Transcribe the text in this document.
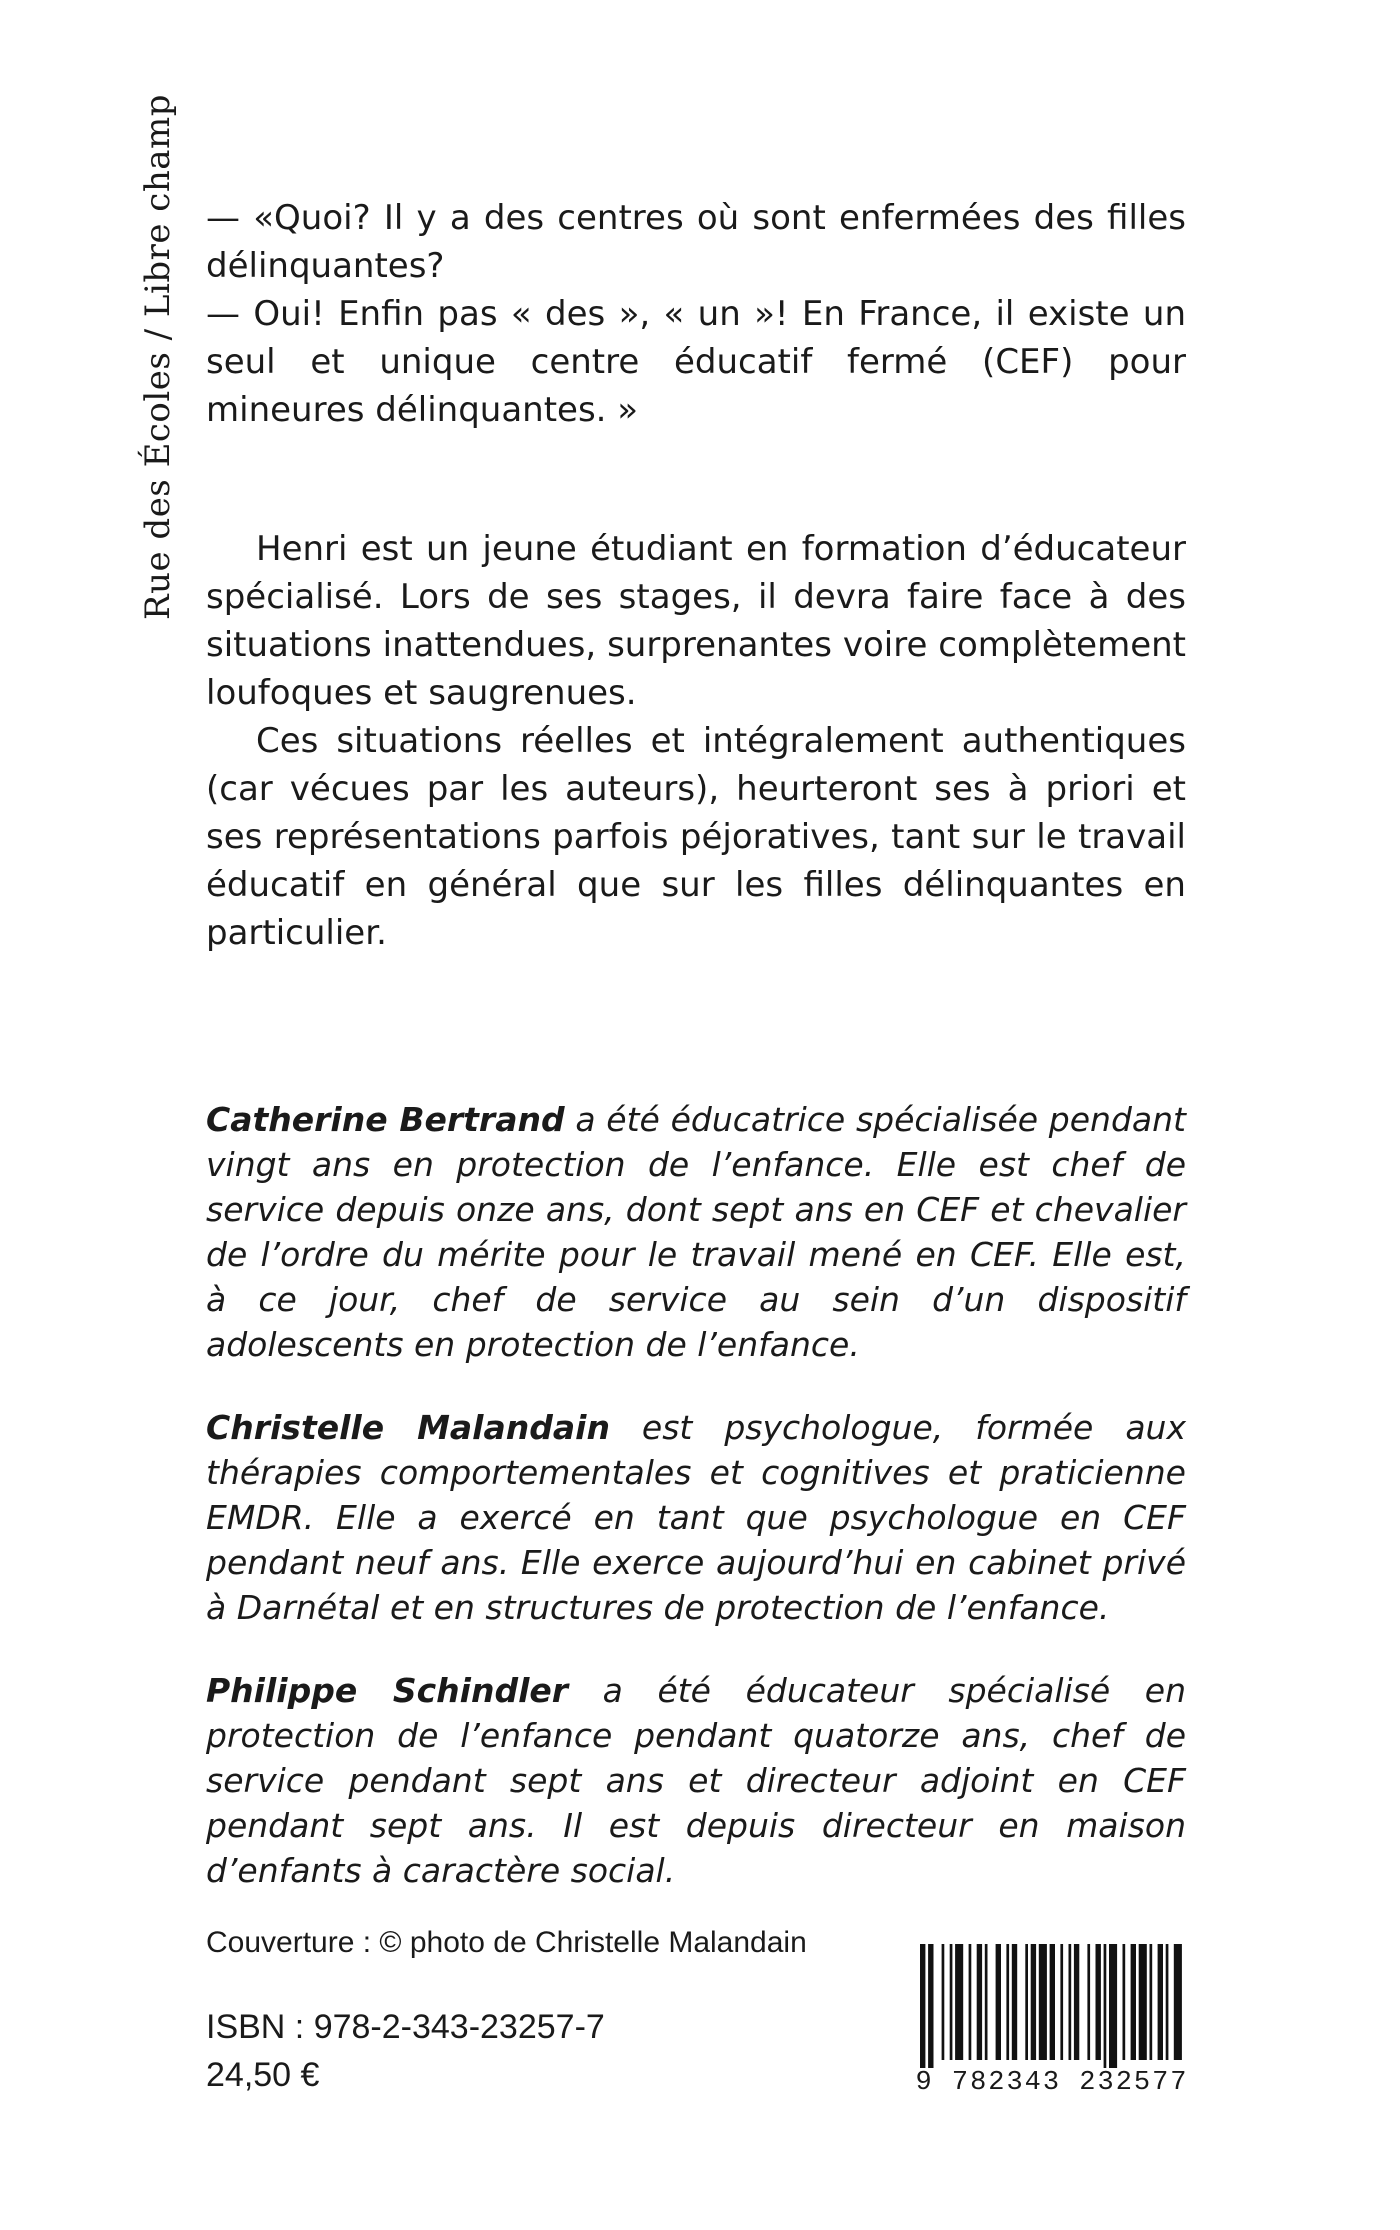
Rue des Écoles / Libre champ — «Quoi? Il y a des centres où sont enfermées des filles délinquantes?

— Oui! Enfin pas « des », « un »! En France, il existe un seul et unique centre éducatif fermé (CEF) pour mineures délinquantes. »

Henri est un jeune étudiant en formation d’éducateur spécialisé. Lors de ses stages, il devra faire face à des situations inattendues, surprenantes voire complètement loufoques et saugrenues.

Ces situations réelles et intégralement authentiques (car vécues par les auteurs), heurteront ses à priori et ses représentations parfois péjoratives, tant sur le travail éducatif en général que sur les filles délinquantes en particulier.

Catherine Bertrand a été éducatrice spécialisée pendant vingt ans en protection de l’enfance. Elle est chef de service depuis onze ans, dont sept ans en CEF et chevalier de l’ordre du mérite pour le travail mené en CEF. Elle est, à ce jour, chef de service au sein d’un dispositif adolescents en protection de l’enfance.

Christelle Malandain est psychologue, formée aux thérapies comportementales et cognitives et praticienne EMDR. Elle a exercé en tant que psychologue en CEF pendant neuf ans. Elle exerce aujourd’hui en cabinet privé à Darnétal et en structures de protection de l’enfance.

Philippe Schindler a été éducateur spécialisé en protection de l’enfance pendant quatorze ans, chef de service pendant sept ans et directeur adjoint en CEF pendant sept ans. Il est depuis directeur en maison d’enfants à caractère social.

Couverture : © photo de Christelle Malandain
ISBN : 978-2-343-23257-7
24,50 €	9 782343 232577
